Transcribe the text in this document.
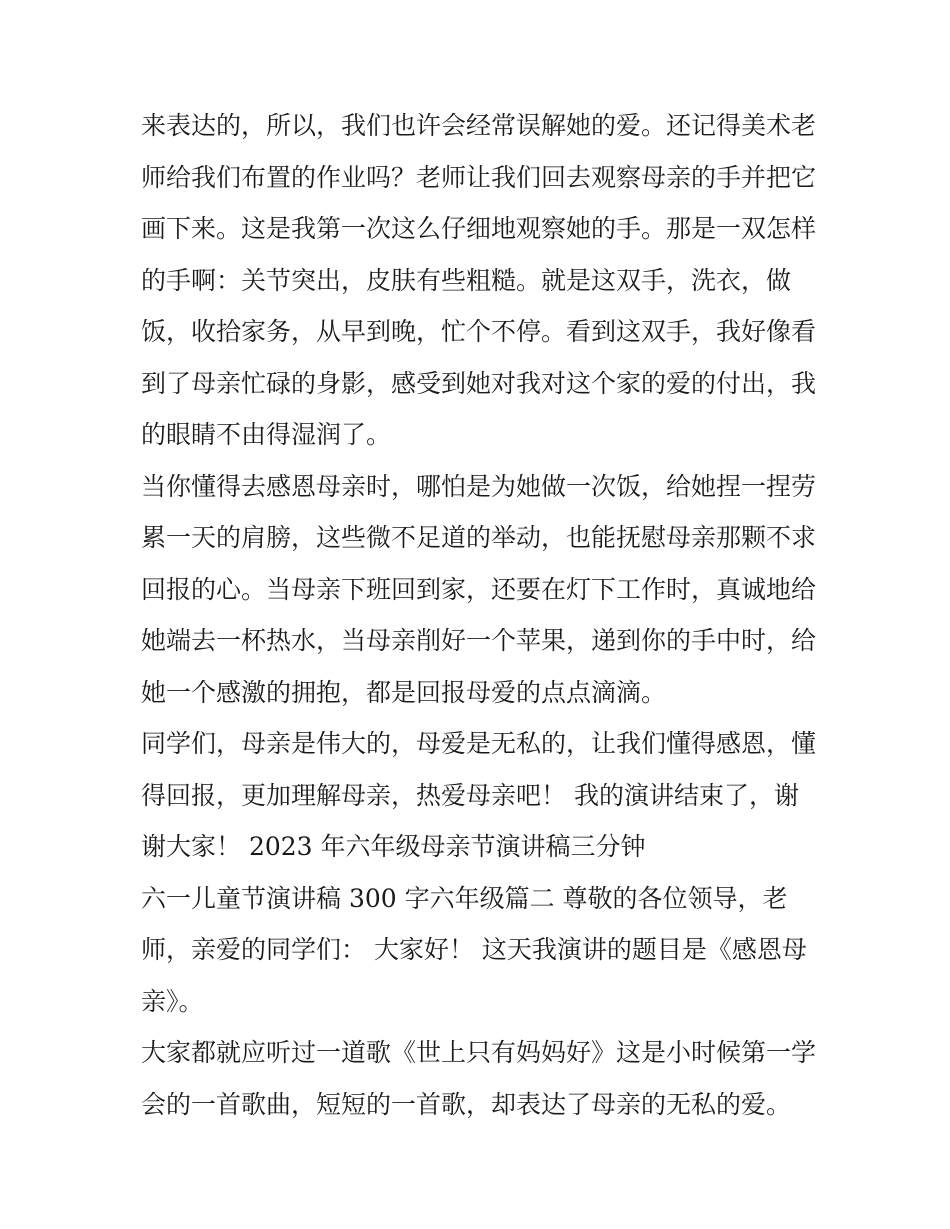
来表达的，所以，我们也许会经常误解她的爱。还记得美术老
师给我们布置的作业吗？老师让我们回去观察母亲的手并把它
画下来。这是我第一次这么仔细地观察她的手。那是一双怎样
的手啊：关节突出，皮肤有些粗糙。就是这双手，洗衣，做
饭，收拾家务，从早到晚，忙个不停。看到这双手，我好像看
到了母亲忙碌的身影，感受到她对我对这个家的爱的付出，我
的眼睛不由得湿润了。
当你懂得去感恩母亲时，哪怕是为她做一次饭，给她捏一捏劳
累一天的肩膀，这些微不足道的举动，也能抚慰母亲那颗不求
回报的心。当母亲下班回到家，还要在灯下工作时，真诚地给
她端去一杯热水，当母亲削好一个苹果，递到你的手中时，给
她一个感激的拥抱，都是回报母爱的点点滴滴。
同学们，母亲是伟大的，母爱是无私的，让我们懂得感恩，懂
得回报，更加理解母亲，热爱母亲吧！ 我的演讲结束了，谢
谢大家！ 2023 年六年级母亲节演讲稿三分钟
六一儿童节演讲稿 300 字六年级篇二 尊敬的各位领导，老
师，亲爱的同学们： 大家好！ 这天我演讲的题目是《感恩母
亲》。
大家都就应听过一道歌《世上只有妈妈好》这是小时候第一学
会的一首歌曲，短短的一首歌，却表达了母亲的无私的爱。
